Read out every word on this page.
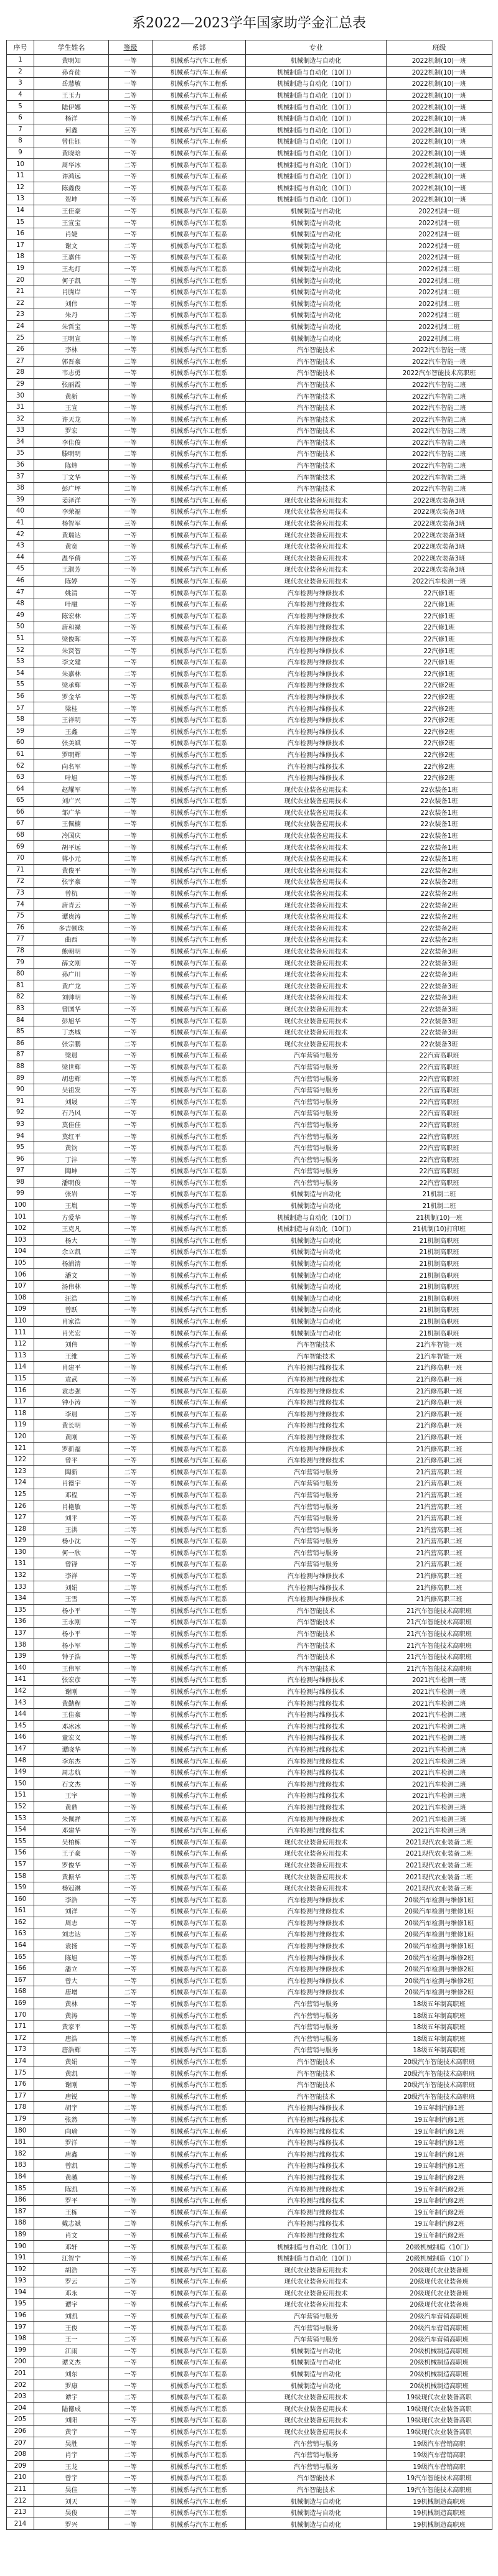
系2022—2023学年国家助学金汇总表
序号	学生姓名	等级	系部	专业	班级
1	黄明知	一等	机械系与汽车工程系	机械制造与自动化	2022机制(10)一班
2	孙育徒	一等	机械系与汽车工程系	机械制造与自动化（10门）	2022机制(10)一班
3	岳慧敏	一等	机械系与汽车工程系	机械制造与自动化（10门）	2022机制(10)一班
4	王玉力	二等	机械系与汽车工程系	机械制造与自动化（10门）	2022机制(10)一班
5	陆伊娜	一等	机械系与汽车工程系	机械制造与自动化（10门）	2022机制(10)一班
6	杨洋	一等	机械系与汽车工程系	机械制造与自动化（10门）	2022机制(10)一班
7	何鑫	三等	机械系与汽车工程系	机械制造与自动化（10门）	2022机制(10)一班
8	曾佳钰	一等	机械系与汽车工程系	机械制造与自动化（10门）	2022机制(10)一班
9	黄晓晗	一等	机械系与汽车工程系	机械制造与自动化（10门）	2022机制(10)一班
10	周华冰	二等	机械系与汽车工程系	机械制造与自动化（10门）	2022机制(10)一班
11	许鸿远	一等	机械系与汽车工程系	机械制造与自动化（10门）	2022机制(10)一班
12	陈鑫俊	一等	机械系与汽车工程系	机械制造与自动化（10门）	2022机制(10)一班
13	贺坤	一等	机械系与汽车工程系	机械制造与自动化（10门）	2022机制(10)一班
14	王佳豪	一等	机械系与汽车工程系	机械制造与自动化	2022机制一班
15	王宣宝	一等	机械系与汽车工程系	机械制造与自动化	2022机制一班
16	肖婕	一等	机械系与汽车工程系	机械制造与自动化	2022机制一班
17	谢文	二等	机械系与汽车工程系	机械制造与自动化	2022机制一班
18	王嘉伟	一等	机械系与汽车工程系	机械制造与自动化	2022机制一班
19	王兆灯	一等	机械系与汽车工程系	机械制造与自动化	2022机制二班
20	何子凯	一等	机械系与汽车工程系	机械制造与自动化	2022机制二班
21	肖腾岸	一等	机械系与汽车工程系	机械制造与自动化	2022机制二班
22	刘伟	一等	机械系与汽车工程系	机械制造与自动化	2022机制二班
23	朱丹	二等	机械系与汽车工程系	机械制造与自动化	2022机制二班
24	朱哲宝	一等	机械系与汽车工程系	机械制造与自动化	2022机制二班
25	王明宣	一等	机械系与汽车工程系	机械制造与自动化	2022机制二班
26	李林	一等	机械系与汽车工程系	汽车智能技术	2022汽车智能一班
27	郭晋豪	二等	机械系与汽车工程系	汽车智能技术	2022汽车智能一班
28	韦志勇	一等	机械系与汽车工程系	汽车智能技术	2022汽车智能技术高职班
29	张丽霞	一等	机械系与汽车工程系	汽车智能技术	2022汽车智能二班
30	黄新	一等	机械系与汽车工程系	汽车智能技术	2022汽车智能二班
31	王宣	一等	机械系与汽车工程系	汽车智能技术	2022汽车智能二班
32	许天龙	一等	机械系与汽车工程系	汽车智能技术	2022汽车智能二班
33	罗宏	一等	机械系与汽车工程系	汽车智能技术	2022汽车智能二班
34	李佳俊	一等	机械系与汽车工程系	汽车智能技术	2022汽车智能二班
35	滕明明	二等	机械系与汽车工程系	汽车智能技术	2022汽车智能二班
36	陈炜	一等	机械系与汽车工程系	汽车智能技术	2022汽车智能二班
37	丁文华	一等	机械系与汽车工程系	汽车智能技术	2022汽车智能二班
38	彭广坪	二等	机械系与汽车工程系	汽车智能技术	2022汽车智能二班
39	姜泽洋	一等	机械系与汽车工程系	现代农业装备应用技术	2022现农装备3班
40	李荣福	一等	机械系与汽车工程系	现代农业装备应用技术	2022现农装备3班
41	杨智军	三等	机械系与汽车工程系	现代农业装备应用技术	2022现农装备3班
42	黄瑞达	一等	机械系与汽车工程系	现代农业装备应用技术	2022现农装备3班
43	黄宽	一等	机械系与汽车工程系	现代农业装备应用技术	2022现农装备3班
44	温华倩	二等	机械系与汽车工程系	现代农业装备应用技术	2022现农装备3班
45	王淑芳	一等	机械系与汽车工程系	现代农业装备应用技术	2022现农装备3班
46	陈婷	一等	机械系与汽车工程系	现代农业装备应用技术	2022汽车检测一班
47	姚清	一等	机械系与汽车工程系	汽车检测与维修技术	22汽修1班
48	叶融	一等	机械系与汽车工程系	汽车检测与维修技术	22汽修1班
49	陈宏林	二等	机械系与汽车工程系	汽车检测与维修技术	22汽修1班
50	唐和禄	一等	机械系与汽车工程系	汽车检测与维修技术	22汽修1班
51	梁俊晖	一等	机械系与汽车工程系	汽车检测与维修技术	22汽修1班
52	朱贤智	一等	机械系与汽车工程系	汽车检测与维修技术	22汽修1班
53	李文建	一等	机械系与汽车工程系	汽车检测与维修技术	22汽修1班
54	朱嘉林	二等	机械系与汽车工程系	汽车检测与维修技术	22汽修1班
55	梁承辉	一等	机械系与汽车工程系	汽车检测与维修技术	22汽修2班
56	罗金华	一等	机械系与汽车工程系	汽车检测与维修技术	22汽修2班
57	梁桂	一等	机械系与汽车工程系	汽车检测与维修技术	22汽修2班
58	王祥明	一等	机械系与汽车工程系	汽车检测与维修技术	22汽修2班
59	王鑫	二等	机械系与汽车工程系	汽车检测与维修技术	22汽修2班
60	张美斌	一等	机械系与汽车工程系	汽车检测与维修技术	22汽修2班
61	罗明辉	一等	机械系与汽车工程系	汽车检测与维修技术	22汽修2班
62	向名军	一等	机械系与汽车工程系	汽车检测与维修技术	22汽修2班
63	叶旭	一等	机械系与汽车工程系	汽车检测与维修技术	22汽修2班
64	赵耀军	一等	机械系与汽车工程系	现代农业装备应用技术	22农装备1班
65	刘广兴	二等	机械系与汽车工程系	现代农业装备应用技术	22农装备1班
66	邹广华	一等	机械系与汽车工程系	现代农业装备应用技术	22农装备1班
67	王佩楠	一等	机械系与汽车工程系	现代农业装备应用技术	22农装备1班
68	冷国庆	一等	机械系与汽车工程系	现代农业装备应用技术	22农装备1班
69	胡平远	一等	机械系与汽车工程系	现代农业装备应用技术	22农装备1班
70	蒋小元	二等	机械系与汽车工程系	现代农业装备应用技术	22农装备1班
71	黄俊平	一等	机械系与汽车工程系	现代农业装备应用技术	22农装备2班
72	张宇豪	一等	机械系与汽车工程系	现代农业装备应用技术	22农装备2班
73	曾杭	一等	机械系与汽车工程系	现代农业装备应用技术	22农装备2班
74	唐青云	一等	机械系与汽车工程系	现代农业装备应用技术	22农装备2班
75	谭贵涛	二等	机械系与汽车工程系	现代农业装备应用技术	22农装备2班
76	多吉顿珠	一等	机械系与汽车工程系	现代农业装备应用技术	22农装备2班
77	曲西	一等	机械系与汽车工程系	现代农业装备应用技术	22农装备2班
78	熊朝明	一等	机械系与汽车工程系	现代农业装备应用技术	22农装备3班
79	薛文刚	一等	机械系与汽车工程系	现代农业装备应用技术	22农装备3班
80	孙广川	一等	机械系与汽车工程系	现代农业装备应用技术	22农装备3班
81	黄广龙	二等	机械系与汽车工程系	现代农业装备应用技术	22农装备3班
82	刘帅明	一等	机械系与汽车工程系	现代农业装备应用技术	22农装备3班
83	曾国华	一等	机械系与汽车工程系	现代农业装备应用技术	22农装备3班
84	彭旭华	一等	机械系与汽车工程系	现代农业装备应用技术	22农装备3班
85	丁杰城	一等	机械系与汽车工程系	现代农业装备应用技术	22农装备3班
86	张宗鹏	二等	机械系与汽车工程系	现代农业装备应用技术	22农装备3班
87	梁晨	一等	机械系与汽车工程系	汽车营销与服务	22汽营高职班
88	梁世辉	一等	机械系与汽车工程系	汽车营销与服务	22汽营高职班
89	胡忠辉	一等	机械系与汽车工程系	汽车营销与服务	22汽营高职班
90	吴祖发	一等	机械系与汽车工程系	汽车营销与服务	22汽营高职班
91	刘晟	二等	机械系与汽车工程系	汽车营销与服务	22汽营高职班
92	石乃风	一等	机械系与汽车工程系	汽车营销与服务	22汽营高职班
93	莫佳佳	一等	机械系与汽车工程系	汽车营销与服务	22汽营高职班
94	莫红平	一等	机械系与汽车工程系	汽车营销与服务	22汽营高职班
95	黄钧	一等	机械系与汽车工程系	汽车营销与服务	22汽营高职班
96	丁沣	一等	机械系与汽车工程系	汽车营销与服务	22汽营高职班
97	陶坤	二等	机械系与汽车工程系	汽车营销与服务	22汽营高职班
98	潘明俊	一等	机械系与汽车工程系	汽车营销与服务	22汽营高职班
99	张岩	一等	机械系与汽车工程系	机械制造与自动化	21机制二班
100	王胤	一等	机械系与汽车工程系	机械制造与自动化	21机制二班
101	方爱华	一等	机械系与汽车工程系	机械制造与自动化（10门）	21机制(10)一班
102	王克凡	一等	机械系与汽车工程系	机械制造与自动化（10门）	21机制(10)打印班
103	杨大	一等	机械系与汽车工程系	机械制造与自动化	21机制高职班
104	余立凯	二等	机械系与汽车工程系	机械制造与自动化	21机制高职班
105	杨浦清	一等	机械系与汽车工程系	机械制造与自动化	21机制高职班
106	潘文	一等	机械系与汽车工程系	机械制造与自动化	21机制高职班
107	汤伟林	一等	机械系与汽车工程系	机械制造与自动化	21机制高职班
108	汪浩	二等	机械系与汽车工程系	机械制造与自动化	21机制高职班
109	曾跃	一等	机械系与汽车工程系	机械制造与自动化	21机制高职班
110	肖家浩	一等	机械系与汽车工程系	机械制造与自动化	21机制高职班
111	肖光宏	一等	机械系与汽车工程系	机械制造与自动化	21机制高职班
112	刘伟	一等	机械系与汽车工程系	汽车智能技术	21汽车智能一班
113	王维	二等	机械系与汽车工程系	汽车智能技术	21汽车智能一班
114	肖建平	一等	机械系与汽车工程系	汽车检测与维修技术	21汽修高职一班
115	袁武	一等	机械系与汽车工程系	汽车检测与维修技术	21汽修高职一班
116	袁志强	一等	机械系与汽车工程系	汽车检测与维修技术	21汽修高职一班
117	钟小涛	一等	机械系与汽车工程系	汽车检测与维修技术	21汽修高职一班
118	李晨	二等	机械系与汽车工程系	汽车检测与维修技术	21汽修高职一班
119	黄长明	一等	机械系与汽车工程系	汽车检测与维修技术	21汽修高职一班
120	黄刚	一等	机械系与汽车工程系	汽车检测与维修技术	21汽修高职一班
121	罗新福	一等	机械系与汽车工程系	汽车检测与维修技术	21汽修高职二班
122	曾平	一等	机械系与汽车工程系	汽车检测与维修技术	21汽修高职二班
123	陶新	二等	机械系与汽车工程系	汽车营销与服务	21汽营高职二班
124	肖德宇	一等	机械系与汽车工程系	汽车营销与服务	21汽营高职二班
125	邓程	一等	机械系与汽车工程系	汽车营销与服务	21汽营高职二班
126	肖艳敏	一等	机械系与汽车工程系	汽车营销与服务	21汽营高职二班
127	刘平	一等	机械系与汽车工程系	汽车营销与服务	21汽营高职二班
128	王洪	二等	机械系与汽车工程系	汽车营销与服务	21汽营高职二班
129	杨小沈	一等	机械系与汽车工程系	汽车营销与服务	21汽营高职二班
130	何一欣	一等	机械系与汽车工程系	汽车营销与服务	21汽营高职二班
131	曾锋	一等	机械系与汽车工程系	汽车营销与服务	21汽营高职二班
132	李祥	一等	机械系与汽车工程系	汽车检测与维修技术	21汽修高职二班
133	刘娟	二等	机械系与汽车工程系	汽车检测与维修技术	21汽修高职二班
134	王雪	一等	机械系与汽车工程系	汽车检测与维修技术	21汽修高职三班
135	杨小平	一等	机械系与汽车工程系	汽车智能技术	21汽车智能技术高职班
136	王永刚	一等	机械系与汽车工程系	汽车智能技术	21汽车智能技术高职班
137	杨小平	一等	机械系与汽车工程系	汽车智能技术	21汽车智能技术高职班
138	杨小军	二等	机械系与汽车工程系	汽车智能技术	21汽车智能技术高职班
139	钟子浩	一等	机械系与汽车工程系	汽车智能技术	21汽车智能技术高职班
140	王伟军	一等	机械系与汽车工程系	汽车智能技术	21汽车智能技术高职班
141	张宏彦	一等	机械系与汽车工程系	汽车检测与维修技术	2021汽车检测一班
142	谢刚	一等	机械系与汽车工程系	汽车检测与维修技术	2021汽车检测一班
143	黄勤程	二等	机械系与汽车工程系	汽车检测与维修技术	2021汽车检测二班
144	王佳豪	一等	机械系与汽车工程系	汽车检测与维修技术	2021汽车检测二班
145	邓冰冰	一等	机械系与汽车工程系	汽车检测与维修技术	2021汽车检测二班
146	童宏义	一等	机械系与汽车工程系	汽车检测与维修技术	2021汽车检测二班
147	谭晓华	一等	机械系与汽车工程系	汽车检测与维修技术	2021汽车检测二班
148	李东杰	二等	机械系与汽车工程系	汽车检测与维修技术	2021汽车检测二班
149	周志航	一等	机械系与汽车工程系	汽车检测与维修技术	2021汽车检测二班
150	石文杰	一等	机械系与汽车工程系	汽车检测与维修技术	2021汽车检测二班
151	王宇	一等	机械系与汽车工程系	汽车检测与维修技术	2021汽车检测三班
152	黄鼎	一等	机械系与汽车工程系	汽车检测与维修技术	2021汽车检测三班
153	朱佩祥	二等	机械系与汽车工程系	汽车检测与维修技术	2021汽车检测三班
154	邓建华	一等	机械系与汽车工程系	汽车检测与维修技术	2021汽车检测三班
155	吴柏栋	一等	机械系与汽车工程系	现代农业装备应用技术	2021现代农业装备二班
156	王子豪	一等	机械系与汽车工程系	现代农业装备应用技术	2021现代农业装备二班
157	罗俊华	一等	机械系与汽车工程系	现代农业装备应用技术	2021现代农业装备二班
158	黄振华	二等	机械系与汽车工程系	现代农业装备应用技术	2021现代农业装备二班
159	杨冠淋	一等	机械系与汽车工程系	现代农业装备应用技术	2021现代农业装备三班
160	李浩	一等	机械系与汽车工程系	汽车检测与维修技术	20级汽车检测与维修1班
161	刘洋	一等	机械系与汽车工程系	汽车检测与维修技术	20级汽车检测与维修1班
162	周志	一等	机械系与汽车工程系	汽车检测与维修技术	20级汽车检测与维修1班
163	刘志达	二等	机械系与汽车工程系	汽车检测与维修技术	20级汽车检测与维修1班
164	袁扬	一等	机械系与汽车工程系	汽车检测与维修技术	20级汽车检测与维修1班
165	陈旭	一等	机械系与汽车工程系	汽车检测与维修技术	20级汽车检测与维修2班
166	潘立	一等	机械系与汽车工程系	汽车检测与维修技术	20级汽车检测与维修2班
167	曾大	一等	机械系与汽车工程系	汽车检测与维修技术	20级汽车检测与维修2班
168	唐增	二等	机械系与汽车工程系	汽车检测与维修技术	20级汽车检测与维修2班
169	黄林	一等	机械系与汽车工程系	汽车营销与服务	18级五年制高职班
170	黄涛	一等	机械系与汽车工程系	汽车营销与服务	18级五年制高职班
171	黄家平	一等	机械系与汽车工程系	汽车营销与服务	18级五年制高职班
172	唐浩	一等	机械系与汽车工程系	汽车营销与服务	18级五年制高职班
173	唐浩辉	二等	机械系与汽车工程系	汽车营销与服务	18级五年制高职班
174	黄娟	一等	机械系与汽车工程系	汽车智能技术	20级汽车智能技术高职班
175	黄凯	一等	机械系与汽车工程系	汽车智能技术	20级汽车智能技术高职班
176	谢刚	一等	机械系与汽车工程系	汽车智能技术	20级汽车智能技术高职班
177	唐锐	一等	机械系与汽车工程系	汽车智能技术	20级汽车智能技术高职班
178	胡宇	二等	机械系与汽车工程系	汽车检测与维修技术	19五年制汽修1班
179	张然	一等	机械系与汽车工程系	汽车检测与维修技术	19五年制汽修1班
180	向瑜	一等	机械系与汽车工程系	汽车检测与维修技术	19五年制汽修1班
181	罗洋	一等	机械系与汽车工程系	汽车检测与维修技术	19五年制汽修1班
182	唐鑫	一等	机械系与汽车工程系	汽车检测与维修技术	19五年制汽修1班
183	曾凯	二等	机械系与汽车工程系	汽车检测与维修技术	19五年制汽修1班
184	黄越	一等	机械系与汽车工程系	汽车检测与维修技术	19五年制汽修2班
185	陈凯	一等	机械系与汽车工程系	汽车检测与维修技术	19五年制汽修2班
186	罗平	一等	机械系与汽车工程系	汽车检测与维修技术	19五年制汽修2班
187	王栋	一等	机械系与汽车工程系	汽车检测与维修技术	19五年制汽修2班
188	戴志斌	二等	机械系与汽车工程系	汽车检测与维修技术	19五年制汽修2班
189	肖文	一等	机械系与汽车工程系	汽车检测与维修技术	19五年制汽修2班
190	邓轩	一等	机械系与汽车工程系	机械制造与自动化（10门）	20级机械制造（10门）
191	江智宁	一等	机械系与汽车工程系	机械制造与自动化（10门）	20级机械制造（10门）
192	胡浩	一等	机械系与汽车工程系	现代农业装备应用技术	20级现代农业装备班
193	罗云	二等	机械系与汽车工程系	现代农业装备应用技术	20级现代农业装备班
194	邓永	一等	机械系与汽车工程系	现代农业装备应用技术	20级现代农业装备班
195	谭宇	一等	机械系与汽车工程系	现代农业装备应用技术	20级现代农业装备班
196	刘凯	一等	机械系与汽车工程系	汽车营销与服务	20级汽车营销高职班
197	王俊	一等	机械系与汽车工程系	汽车营销与服务	20级汽车营销高职班
198	王一	二等	机械系与汽车工程系	汽车营销与服务	20级汽车营销高职班
199	江雨	一等	机械系与汽车工程系	机械制造与自动化	20级机械制造高职班
200	谭义杰	一等	机械系与汽车工程系	机械制造与自动化	20级机械制造高职班
201	刘东	一等	机械系与汽车工程系	机械制造与自动化	20级机械制造高职班
202	罗康	一等	机械系与汽车工程系	机械制造与自动化	20级机械制造高职班
203	谭宇	二等	机械系与汽车工程系	现代农业装备应用技术	19级现代农业装备高职
204	陆德成	一等	机械系与汽车工程系	现代农业装备应用技术	19级现代农业装备高职
205	刘阳	一等	机械系与汽车工程系	现代农业装备应用技术	19级现代农业装备高职
206	黄宇	一等	机械系与汽车工程系	现代农业装备应用技术	19级现代农业装备高职
207	吴胜	一等	机械系与汽车工程系	汽车营销与服务	19级汽车营销高职
208	肖宇	二等	机械系与汽车工程系	汽车营销与服务	19级汽车营销高职
209	王龙	一等	机械系与汽车工程系	汽车营销与服务	19级汽车营销高职
210	曾宇	一等	机械系与汽车工程系	汽车智能技术	19汽车智能技术高职班
211	吴佳	一等	机械系与汽车工程系	汽车智能技术	19汽车智能技术高职班
212	刘天	一等	机械系与汽车工程系	机械制造与自动化	19机械制造高职班
213	吴俊	二等	机械系与汽车工程系	机械制造与自动化	19机械制造高职班
214	罗兴	一等	机械系与汽车工程系	机械制造与自动化	19机械制造高职班
